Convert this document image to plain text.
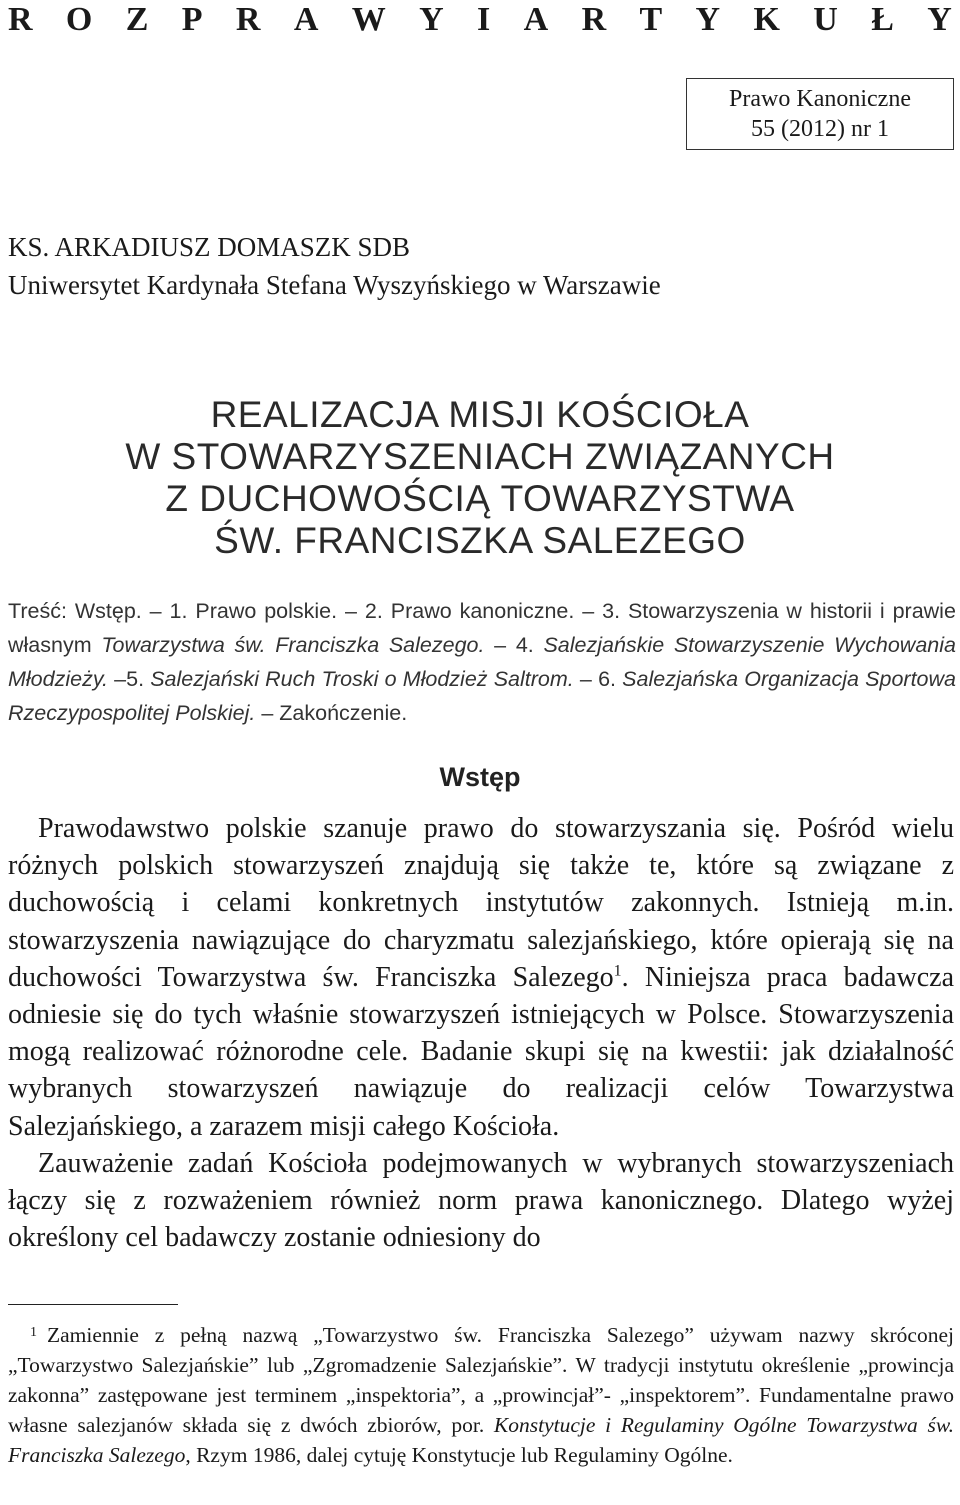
R O Z P R A W Y I A R T Y K U Ł Y
Prawo Kanoniczne
55 (2012) nr 1
KS. ARKADIUSZ DOMASZK SDB
Uniwersytet Kardynała Stefana Wyszyńskiego w Warszawie
REALIZACJA MISJI KOŚCIOŁA
W STOWARZYSZENIACH ZWIĄZANYCH
Z DUCHOWOŚCIĄ TOWARZYSTWA
ŚW. FRANCISZKA SALEZEGO
Treść: Wstęp. – 1. Prawo polskie. – 2. Prawo kanoniczne. – 3. Stowarzyszenia w historii i prawie własnym Towarzystwa św. Franciszka Salezego. – 4. Salezjańskie Stowarzyszenie Wychowania Młodzieży. –5. Salezjański Ruch Troski o Młodzież Saltrom. – 6. Salezjańska Organizacja Sportowa Rzeczypospolitej Polskiej. – Zakończenie.
Wstęp

Prawodawstwo polskie szanuje prawo do stowarzyszania się. Pośród wielu różnych polskich stowarzyszeń znajdują się także te, które są związane z duchowością i celami konkretnych instytutów zakonnych. Istnieją m.in. stowarzyszenia nawiązujące do charyzmatu salezjańskiego, które opierają się na duchowości Towarzystwa św. Franciszka Salezego$^1$. Niniejsza praca badawcza odniesie się do tych właśnie stowarzyszeń istniejących w Polsce. Stowarzyszenia mogą realizować różnorodne cele. Badanie skupi się na kwestii: jak działalność wybranych stowarzyszeń nawiązuje do realizacji celów Towarzystwa Salezjańskiego, a zarazem misji całego Kościoła.

Zauważenie zadań Kościoła podejmowanych w wybranych stowarzyszeniach łączy się z rozważeniem również norm prawa kanonicznego. Dlatego wyżej określony cel badawczy zostanie odniesiony do

$^1$ Zamiennie z pełną nazwą „Towarzystwo św. Franciszka Salezego” używam nazwy skróconej „Towarzystwo Salezjańskie” lub „Zgromadzenie Salezjańskie”. W tradycji instytutu określenie „prowincja zakonna” zastępowane jest terminem „inspektoria”, a „prowincjał”- „inspektorem”. Fundamentalne prawo własne salezjanów składa się z dwóch zbiorów, por. Konstytucje i Regulaminy Ogólne Towarzystwa św. Franciszka Salezego, Rzym 1986, dalej cytuję Konstytucje lub Regulaminy Ogólne.
